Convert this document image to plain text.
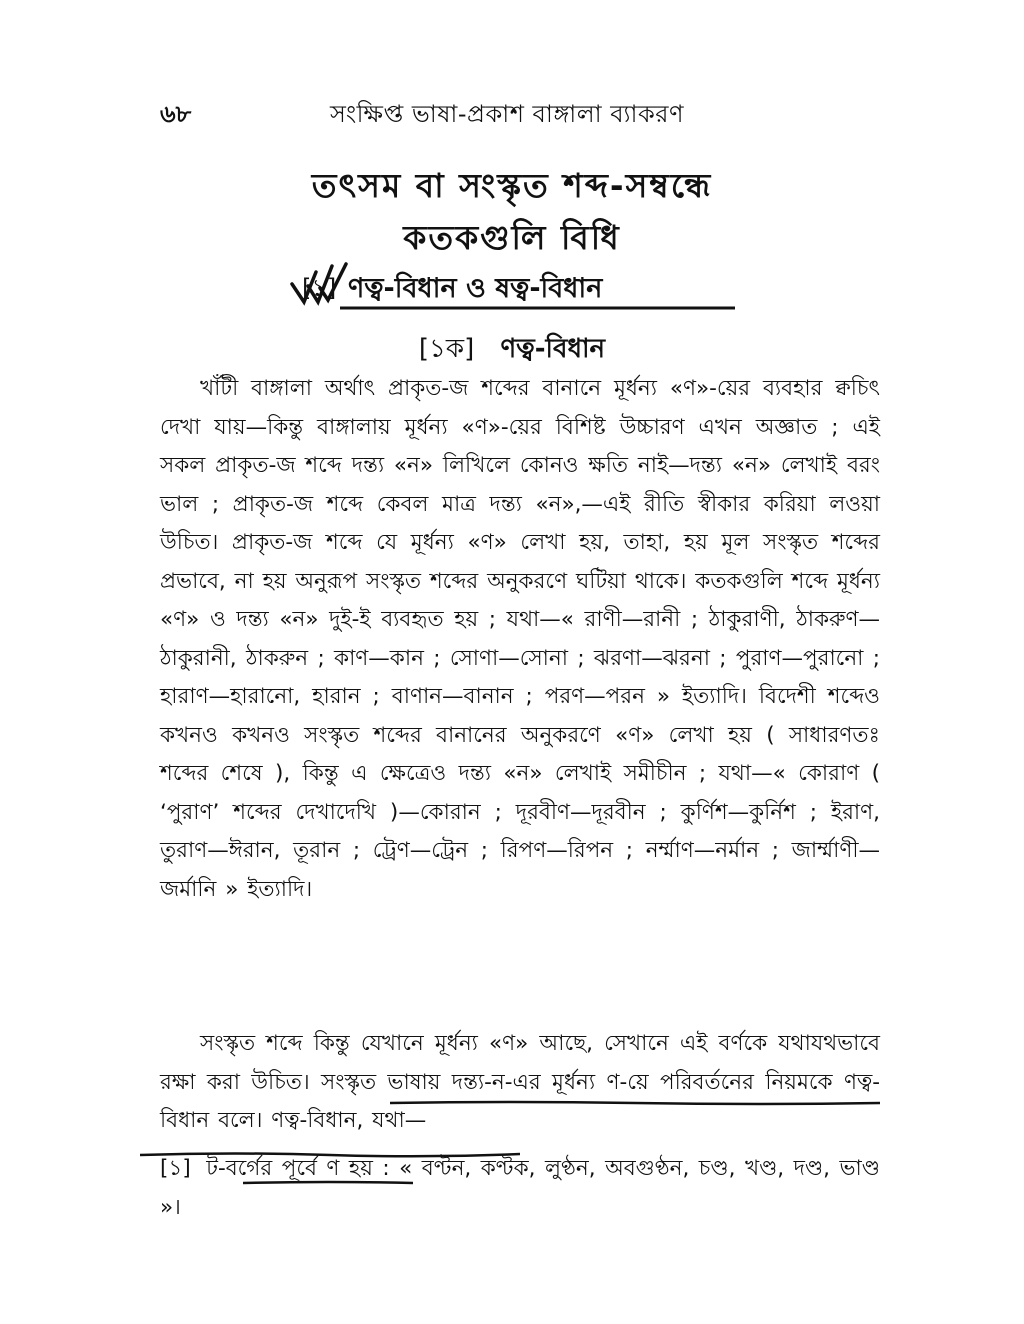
৬৮	সংক্ষিপ্ত ভাষা-প্রকাশ বাঙ্গালা ব্যাকরণ
তৎসম বা সংস্কৃত শব্দ-সম্বন্ধে
কতকগুলি বিধি
[১] ণত্ব-বিধান ও ষত্ব-বিধান
[১ক] ণত্ব-বিধান

খাঁটী বাঙ্গালা অর্থাৎ প্রাকৃত-জ শব্দের বানানে মূর্ধন্য «ণ»-য়ের ব্যবহার ক্বচিৎ দেখা যায়—কিন্তু বাঙ্গালায় মূর্ধন্য «ণ»-য়ের বিশিষ্ট উচ্চারণ এখন অজ্ঞাত ; এই সকল প্রাকৃত-জ শব্দে দন্ত্য «ন» লিখিলে কোনও ক্ষতি নাই—দন্ত্য «ন» লেখাই বরং ভাল ; প্রাকৃত-জ শব্দে কেবল মাত্র দন্ত্য «ন»,—এই রীতি স্বীকার করিয়া লওয়া উচিত। প্রাকৃত-জ শব্দে যে মূর্ধন্য «ণ» লেখা হয়, তাহা, হয় মূল সংস্কৃত শব্দের প্রভাবে, না হয় অনুরূপ সংস্কৃত শব্দের অনুকরণে ঘটিয়া থাকে। কতকগুলি শব্দে মূর্ধন্য «ণ» ও দন্ত্য «ন» দুই-ই ব্যবহৃত হয় ; যথা—« রাণী—রানী ; ঠাকুরাণী, ঠাকরুণ—ঠাকুরানী, ঠাকরুন ; কাণ—কান ; সোণা—সোনা ; ঝরণা—ঝরনা ; পুরাণ—পুরানো ; হারাণ—হারানো, হারান ; বাণান—বানান ; পরণ—পরন » ইত্যাদি। বিদেশী শব্দেও কখনও কখনও সংস্কৃত শব্দের বানানের অনুকরণে «ণ» লেখা হয় ( সাধারণতঃ শব্দের শেষে ), কিন্তু এ ক্ষেত্রেও দন্ত্য «ন» লেখাই সমীচীন ; যথা—« কোরাণ ( ‘পুরাণ’ শব্দের দেখাদেখি )—কোরান ; দূরবীণ—দূরবীন ; কুর্ণিশ—কুর্নিশ ; ইরাণ, তুরাণ—ঈরান, তূরান ; ট্রেণ—ট্রেন ; রিপণ—রিপন ; নর্ম্মাণ—নর্মান ; জার্ম্মাণী—জর্মানি » ইত্যাদি।

সংস্কৃত শব্দে কিন্তু যেখানে মূর্ধন্য «ণ» আছে, সেখানে এই বর্ণকে যথাযথভাবে রক্ষা করা উচিত। সংস্কৃত ভাষায় দন্ত্য-ন-এর মূর্ধন্য ণ-য়ে পরিবর্তনের নিয়মকে ণত্ব-বিধান বলে। ণত্ব-বিধান, যথা—

[১] ট-বর্গের পূর্বে ণ হয় : « বণ্টন, কণ্টক, লুণ্ঠন, অবগুণ্ঠন, চণ্ড, খণ্ড, দণ্ড, ভাণ্ড »।
